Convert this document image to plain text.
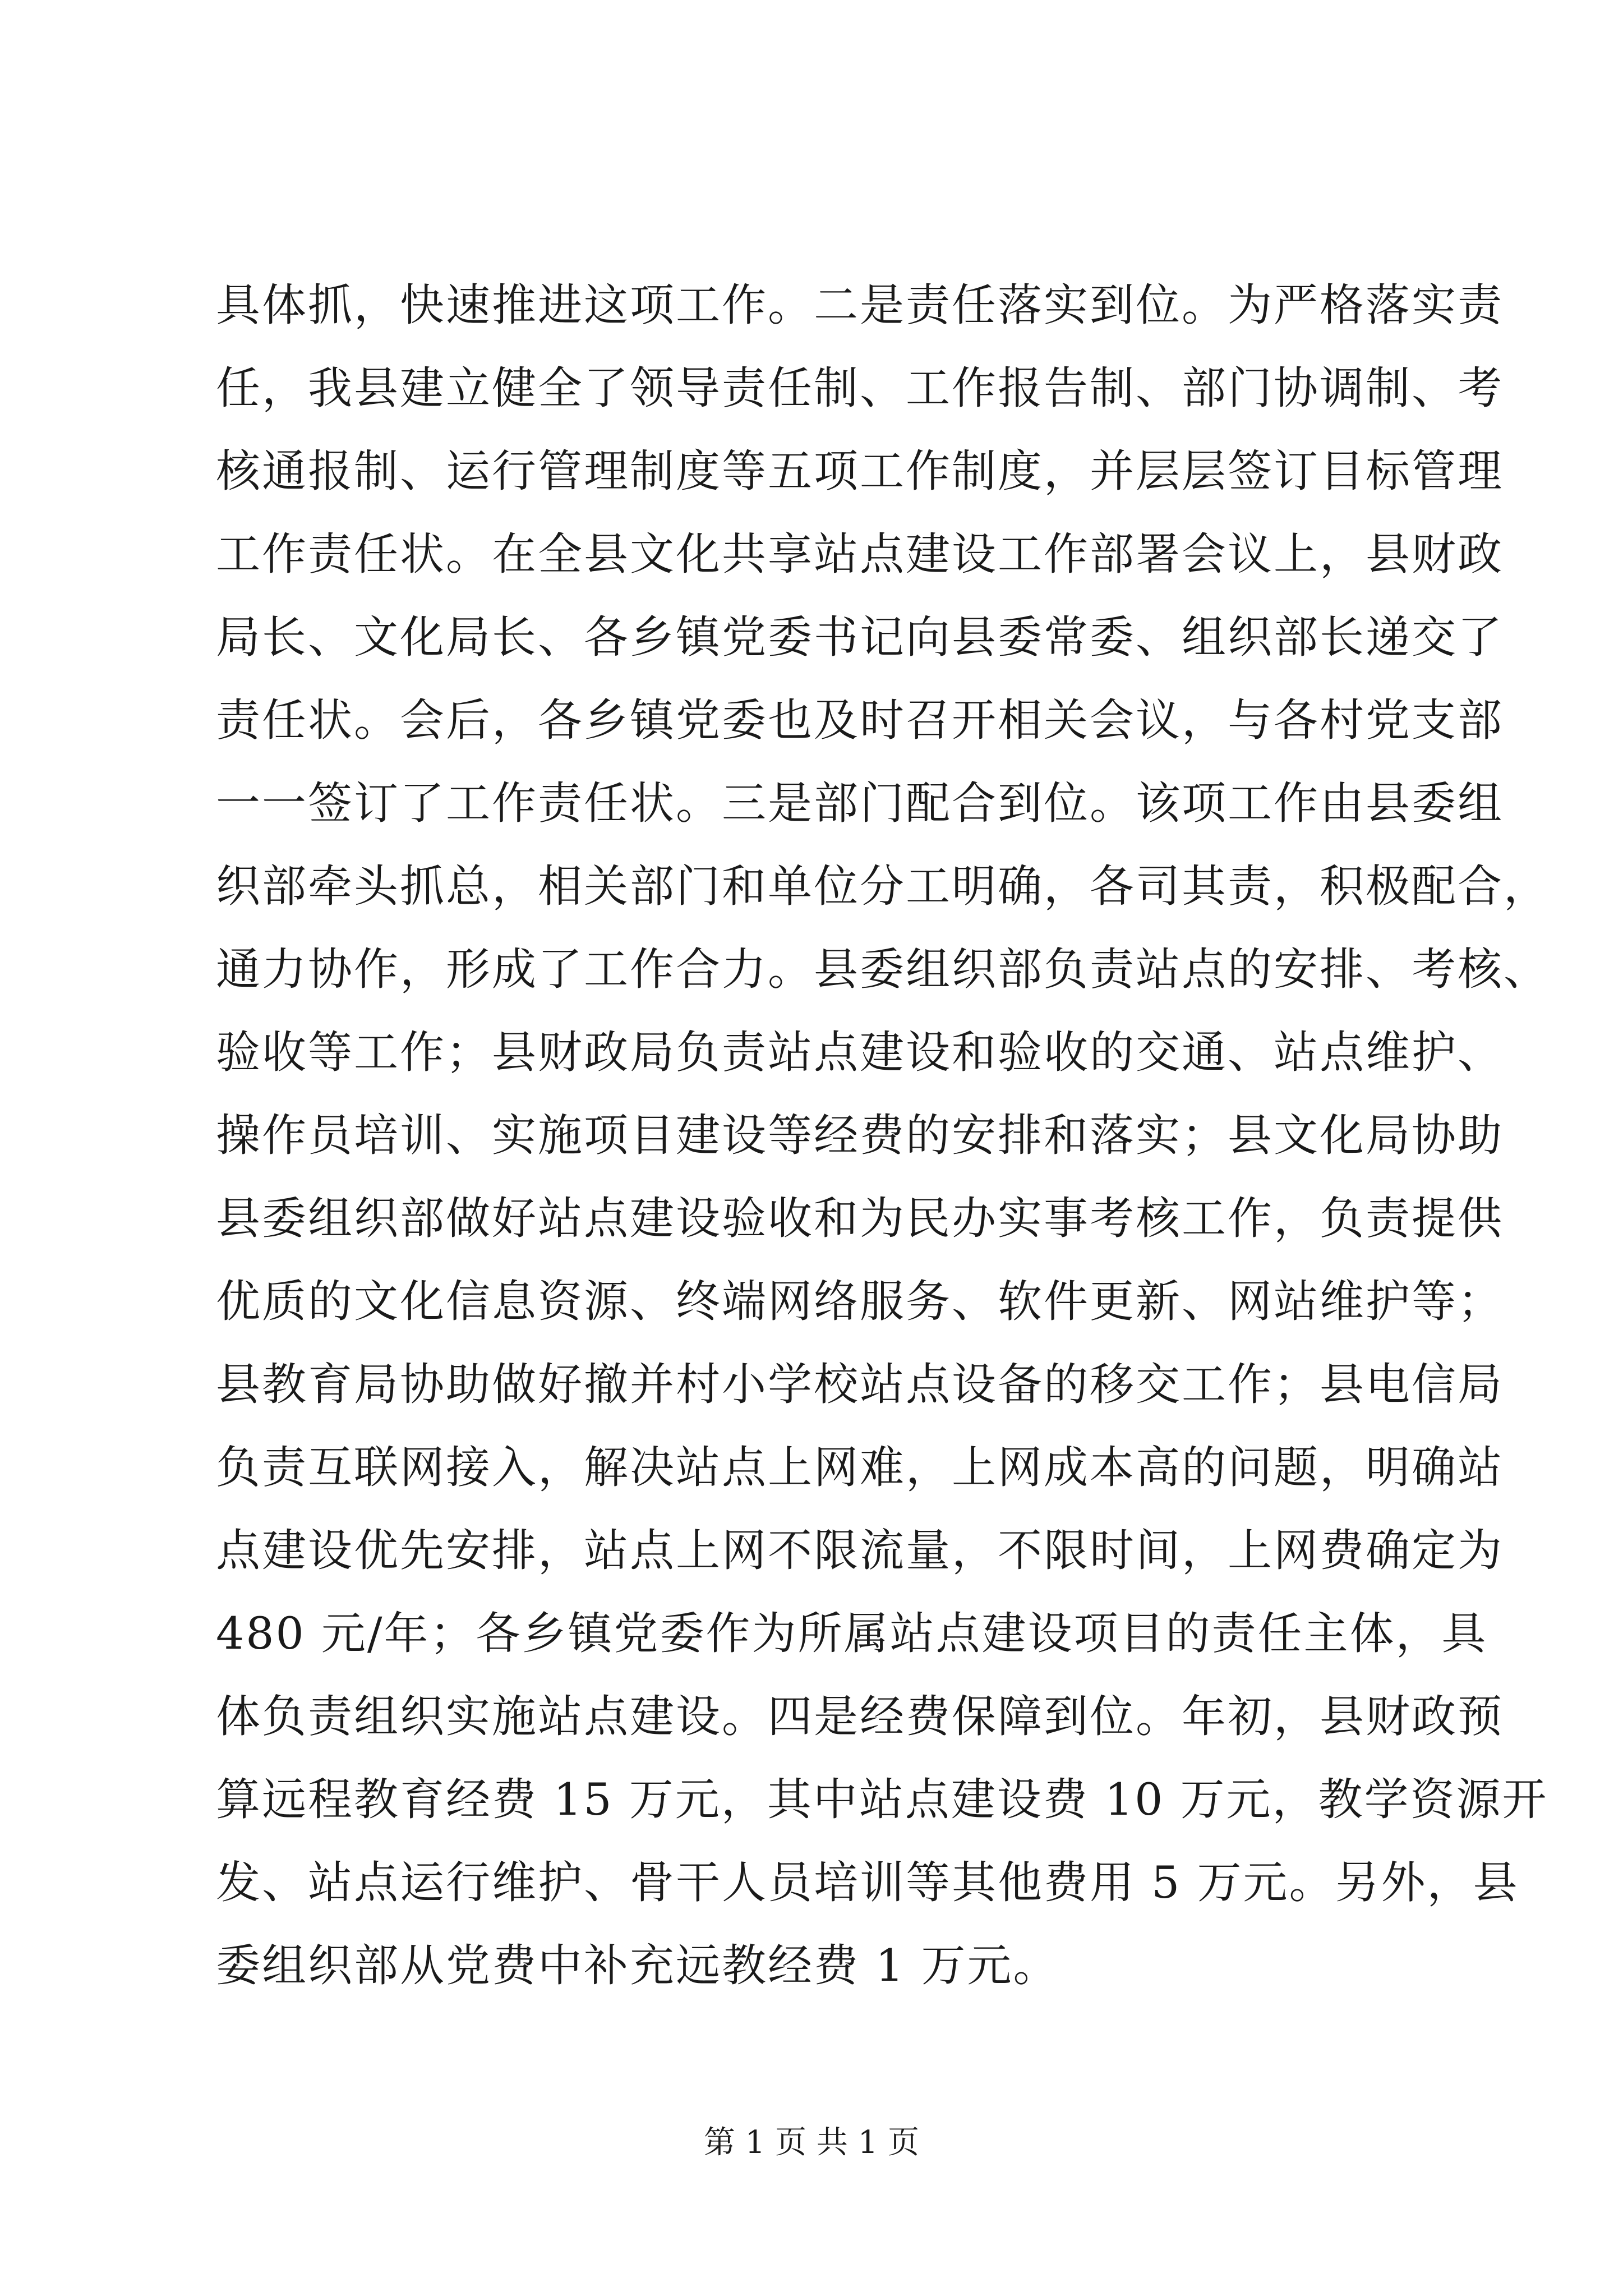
具体抓，快速推进这项工作。二是责任落实到位。为严格落实责
任，我县建立健全了领导责任制、工作报告制、部门协调制、考
核通报制、运行管理制度等五项工作制度，并层层签订目标管理
工作责任状。在全县文化共享站点建设工作部署会议上，县财政
局长、文化局长、各乡镇党委书记向县委常委、组织部长递交了
责任状。会后，各乡镇党委也及时召开相关会议，与各村党支部
一一签订了工作责任状。三是部门配合到位。该项工作由县委组
织部牵头抓总，相关部门和单位分工明确，各司其责，积极配合，
通力协作，形成了工作合力。县委组织部负责站点的安排、考核、
验收等工作；县财政局负责站点建设和验收的交通、站点维护、
操作员培训、实施项目建设等经费的安排和落实；县文化局协助
县委组织部做好站点建设验收和为民办实事考核工作，负责提供
优质的文化信息资源、终端网络服务、软件更新、网站维护等；
县教育局协助做好撤并村小学校站点设备的移交工作；县电信局
负责互联网接入，解决站点上网难，上网成本高的问题，明确站
点建设优先安排，站点上网不限流量，不限时间，上网费确定为
480 元/年；各乡镇党委作为所属站点建设项目的责任主体，具
体负责组织实施站点建设。四是经费保障到位。年初，县财政预
算远程教育经费 15 万元，其中站点建设费 10 万元，教学资源开
发、站点运行维护、骨干人员培训等其他费用 5 万元。另外，县
委组织部从党费中补充远教经费 1 万元。
第 1 页 共 1 页
